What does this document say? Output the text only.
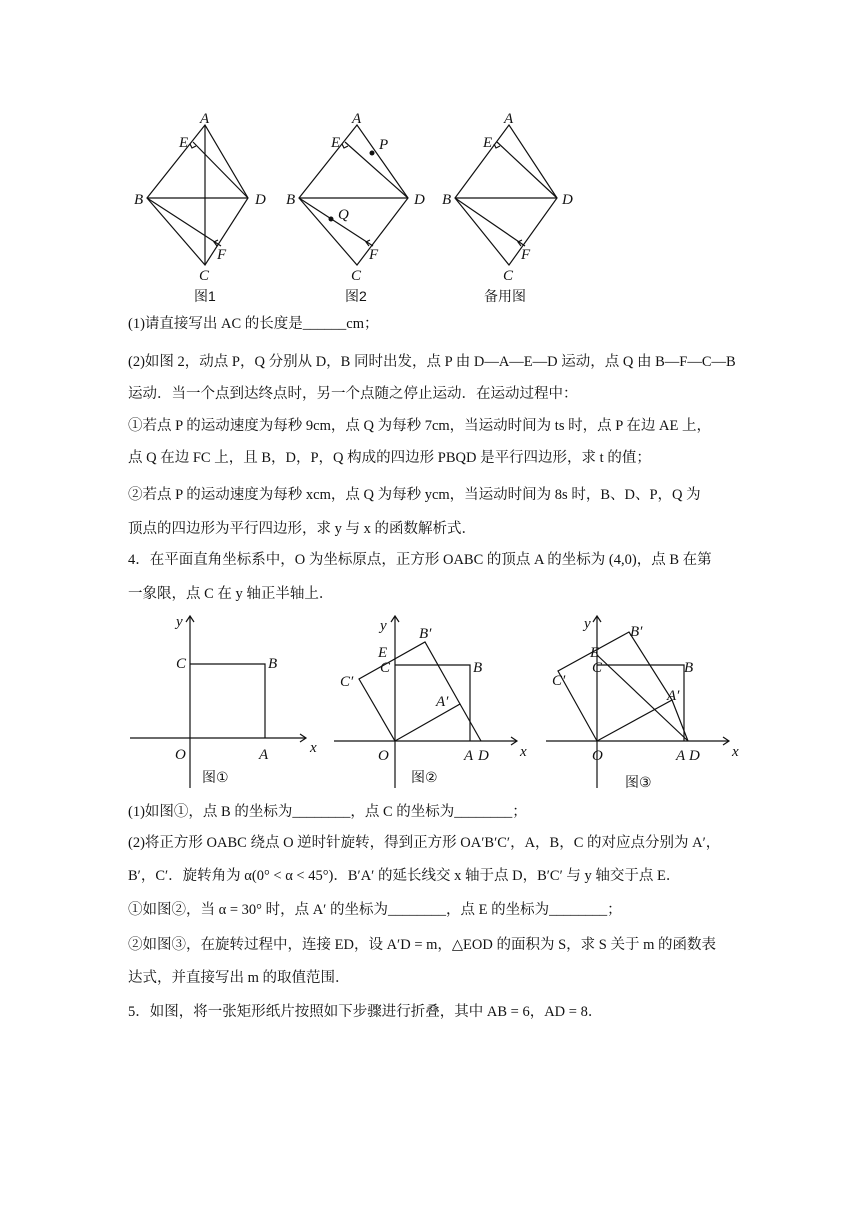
A
E
B	D
F
C
图1
A
E	P
B
Q
D
F
C
图2
A
E
B	D
F
C
备用图
(1)请直接写出 AC 的长度是______cm；
(2)如图 2，动点 P，Q 分别从 D，B 同时出发，点 P 由 D—A—E—D 运动，点 Q 由 B—F—C—B
运动．当一个点到达终点时，另一个点随之停止运动．在运动过程中：
①若点 P 的运动速度为每秒 9cm，点 Q 为每秒 7cm，当运动时间为 ts 时，点 P 在边 AE 上，
点 Q 在边 FC 上，且 B，D，P，Q 构成的四边形 PBQD 是平行四边形，求 t 的值；
②若点 P 的运动速度为每秒 xcm，点 Q 为每秒 ycm，当运动时间为 8s 时，B、D、P，Q 为
顶点的四边形为平行四边形，求 y 与 x 的函数解析式．
4．在平面直角坐标系中，O 为坐标原点，正方形 OABC 的顶点 A 的坐标为 (4,0)，点 B 在第
一象限，点 C 在 y 轴正半轴上．
x
y
C	B
O	A
图①
x
y B′
E
C	B
C′
A′
O	A D
图②
x
y	B′
E
C	B
C′
A′
O	A D
图③
(1)如图①，点 B 的坐标为________，点 C 的坐标为________；
(2)将正方形 OABC 绕点 O 逆时针旋转，得到正方形 OA′B′C′，A，B，C 的对应点分别为 A′，
B′，C′．旋转角为 α(0° < α < 45°)．B′A′ 的延长线交 x 轴于点 D，B′C′ 与 y 轴交于点 E．
①如图②，当 α = 30° 时，点 A′ 的坐标为________，点 E 的坐标为________；
②如图③，在旋转过程中，连接 ED，设 A′D = m，△EOD 的面积为 S，求 S 关于 m 的函数表
达式，并直接写出 m 的取值范围．
5．如图，将一张矩形纸片按照如下步骤进行折叠，其中 AB = 6，AD = 8．
